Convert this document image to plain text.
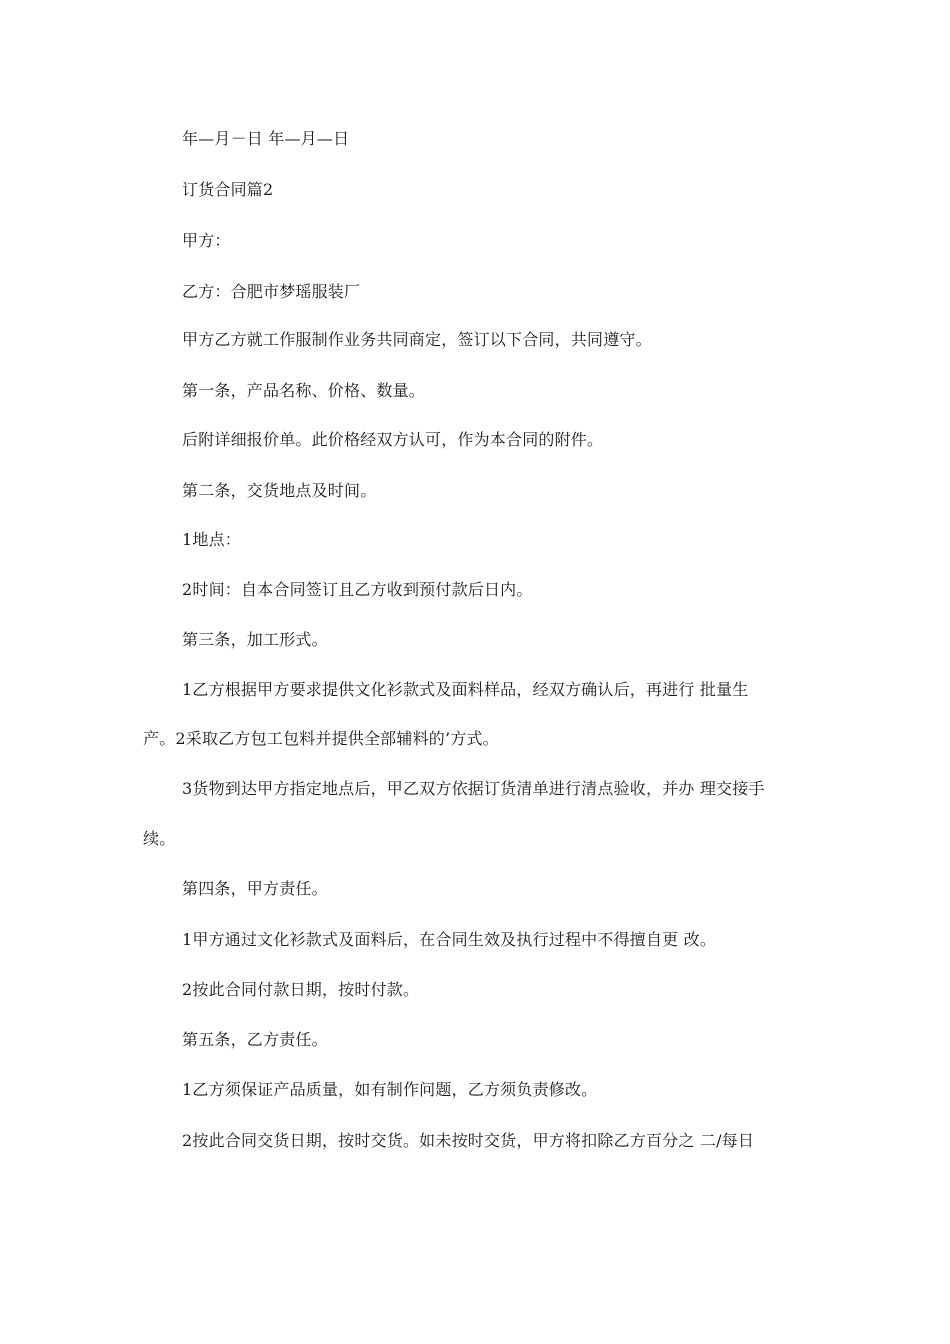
年—月－日 年—月—日
订货合同篇2
甲方：
乙方：合肥市梦瑶服装厂
甲方乙方就工作服制作业务共同商定，签订以下合同，共同遵守。
第一条，产品名称、价格、数量。
后附详细报价单。此价格经双方认可，作为本合同的附件。
第二条，交货地点及时间。
1地点：
2时间：自本合同签订且乙方收到预付款后日内。
第三条，加工形式。
1乙方根据甲方要求提供文化衫款式及面料样品，经双方确认后，再进行 批量生
产。2采取乙方包工包料并提供全部辅料的’方式。
3货物到达甲方指定地点后，甲乙双方依据订货清单进行清点验收，并办 理交接手
续。
第四条，甲方责任。
1甲方通过文化衫款式及面料后，在合同生效及执行过程中不得擅自更 改。
2按此合同付款日期，按时付款。
第五条，乙方责任。
1乙方须保证产品质量，如有制作问题，乙方须负责修改。
2按此合同交货日期，按时交货。如未按时交货，甲方将扣除乙方百分之 二/每日
